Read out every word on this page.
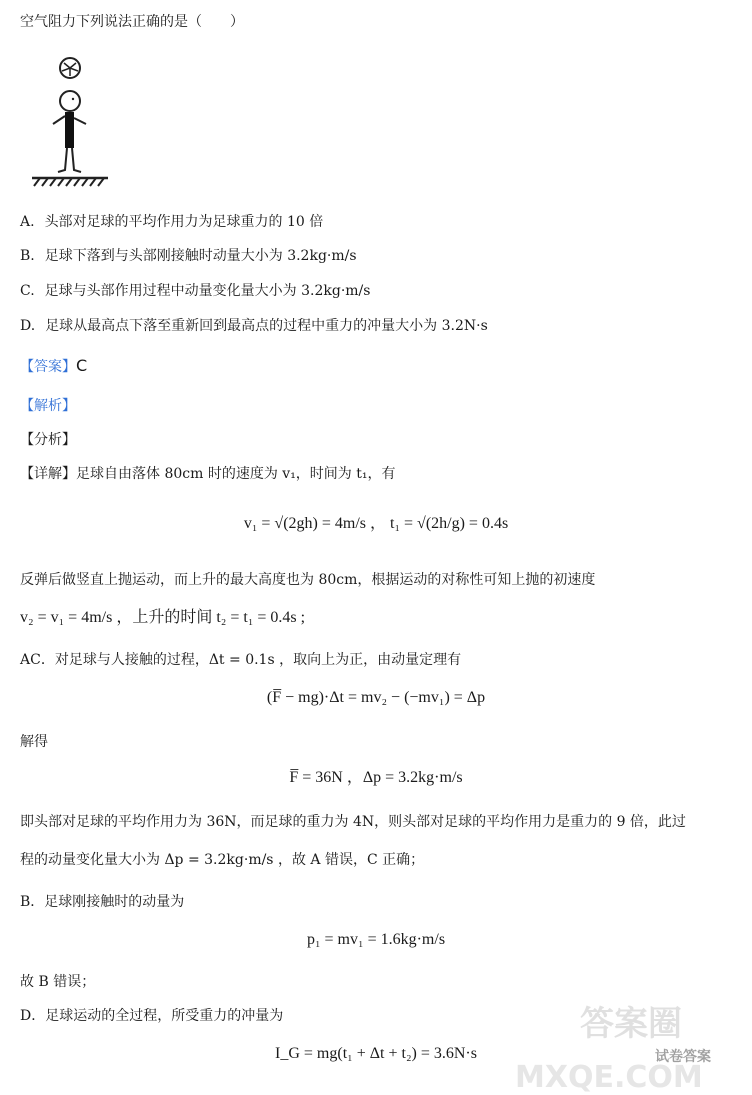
空气阻力下列说法正确的是（　　）
A. 头部对足球的平均作用力为足球重力的 10 倍
B. 足球下落到与头部刚接触时动量大小为 3.2kg·m/s
C. 足球与头部作用过程中动量变化量大小为 3.2kg·m/s
D. 足球从最高点下落至重新回到最高点的过程中重力的冲量大小为 3.2N·s
【答案】C
【解析】
【分析】
【详解】足球自由落体 80cm 时的速度为 v₁，时间为 t₁，有
v₁ = √(2gh) = 4m/s ， t₁ = √(2h/g) = 0.4s
反弹后做竖直上抛运动，而上升的最大高度也为 80cm，根据运动的对称性可知上抛的初速度
v₂ = v₁ = 4m/s ，上升的时间 t₂ = t₁ = 0.4s ;
AC．对足球与人接触的过程，Δt = 0.1s ，取向上为正，由动量定理有
(F̅ − mg)·Δt = mv₂ − (−mv₁) = Δp
解得
F̅ = 36N ，Δp = 3.2kg·m/s
即头部对足球的平均作用力为 36N，而足球的重力为 4N，则头部对足球的平均作用力是重力的 9 倍，此过
程的动量变化量大小为 Δp = 3.2kg·m/s ，故 A 错误，C 正确；
B．足球刚接触时的动量为
p₁ = mv₁ = 1.6kg·m/s
故 B 错误；
D．足球运动的全过程，所受重力的冲量为
I_G = mg(t₁ + Δt + t₂) = 3.6N·s
答案圈
试卷答案
MXQE.COM
